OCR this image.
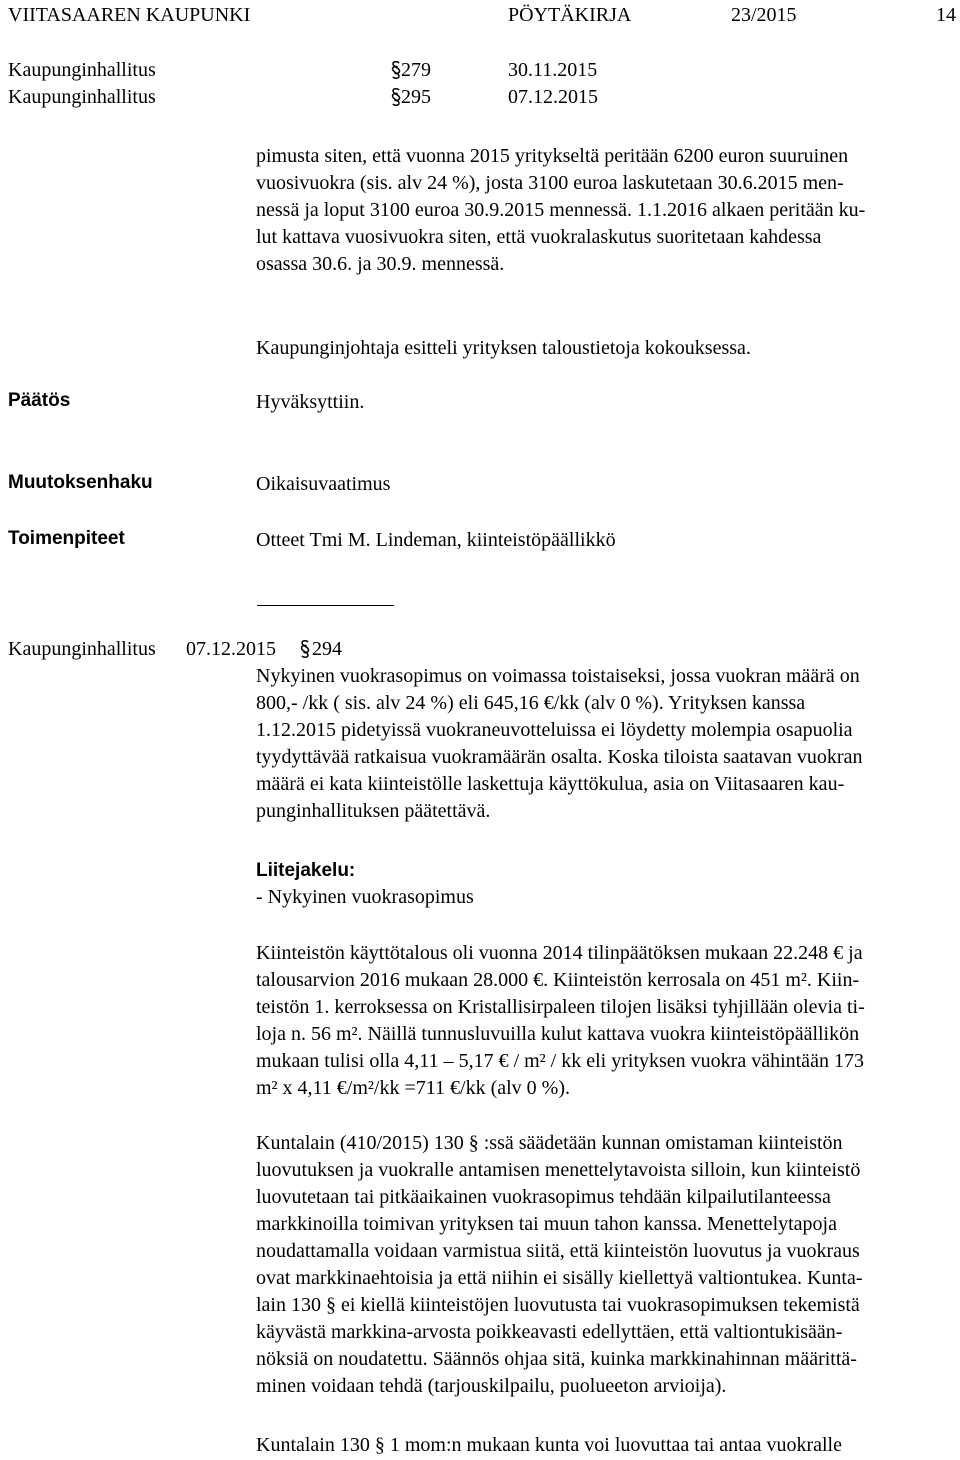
VIITASAAREN KAUPUNKI	PÖYTÄKIRJA	23/2015	14
Kaupunginhallitus	279	30.11.2015
Kaupunginhallitus	295	07.12.2015
pimusta siten, että vuonna 2015 yritykseltä peritään 6200 euron suuruinen
vuosivuokra (sis. alv 24 %), josta 3100 euroa laskutetaan 30.6.2015 men-
nessä ja loput 3100 euroa 30.9.2015 mennessä. 1.1.2016 alkaen peritään ku-
lut kattava vuosivuokra siten, että vuokralaskutus suoritetaan kahdessa
osassa 30.6. ja 30.9. mennessä.
Kaupunginjohtaja esitteli yrityksen taloustietoja kokouksessa.
Päätös	Hyväksyttiin.
Muutoksenhaku	Oikaisuvaatimus
Toimenpiteet	Otteet Tmi M. Lindeman, kiinteistöpäällikkö
Kaupunginhallitus 07.12.2015 294
Nykyinen vuokrasopimus on voimassa toistaiseksi, jossa vuokran määrä on
800,- /kk ( sis. alv 24 %) eli 645,16 €/kk (alv 0 %). Yrityksen kanssa
1.12.2015 pidetyissä vuokraneuvotteluissa ei löydetty molempia osapuolia
tyydyttävää ratkaisua vuokramäärän osalta. Koska tiloista saatavan vuokran
määrä ei kata kiinteistölle laskettuja käyttökulua, asia on Viitasaaren kau-
punginhallituksen päätettävä.
Liitejakelu:
- Nykyinen vuokrasopimus
Kiinteistön käyttötalous oli vuonna 2014 tilinpäätöksen mukaan 22.248 € ja
talousarvion 2016 mukaan 28.000 €. Kiinteistön kerrosala on 451 m². Kiin-
teistön 1. kerroksessa on Kristallisirpaleen tilojen lisäksi tyhjillään olevia ti-
loja n. 56 m². Näillä tunnusluvuilla kulut kattava vuokra kiinteistöpäällikön
mukaan tulisi olla 4,11 – 5,17 € / m² / kk eli yrityksen vuokra vähintään 173
m² x 4,11 €/m²/kk =711 €/kk (alv 0 %).
Kuntalain (410/2015) 130 § :ssä säädetään kunnan omistaman kiinteistön
luovutuksen ja vuokralle antamisen menettelytavoista silloin, kun kiinteistö
luovutetaan tai pitkäaikainen vuokrasopimus tehdään kilpailutilanteessa
markkinoilla toimivan yrityksen tai muun tahon kanssa. Menettelytapoja
noudattamalla voidaan varmistua siitä, että kiinteistön luovutus ja vuokraus
ovat markkinaehtoisia ja että niihin ei sisälly kiellettyä valtiontukea. Kunta-
lain 130 § ei kiellä kiinteistöjen luovutusta tai vuokrasopimuksen tekemistä
käyvästä markkina-arvosta poikkeavasti edellyttäen, että valtiontukisään-
nöksiä on noudatettu. Säännös ohjaa sitä, kuinka markkinahinnan määrittä-
minen voidaan tehdä (tarjouskilpailu, puolueeton arvioija).
Kuntalain 130 § 1 mom:n mukaan kunta voi luovuttaa tai antaa vuokralle
